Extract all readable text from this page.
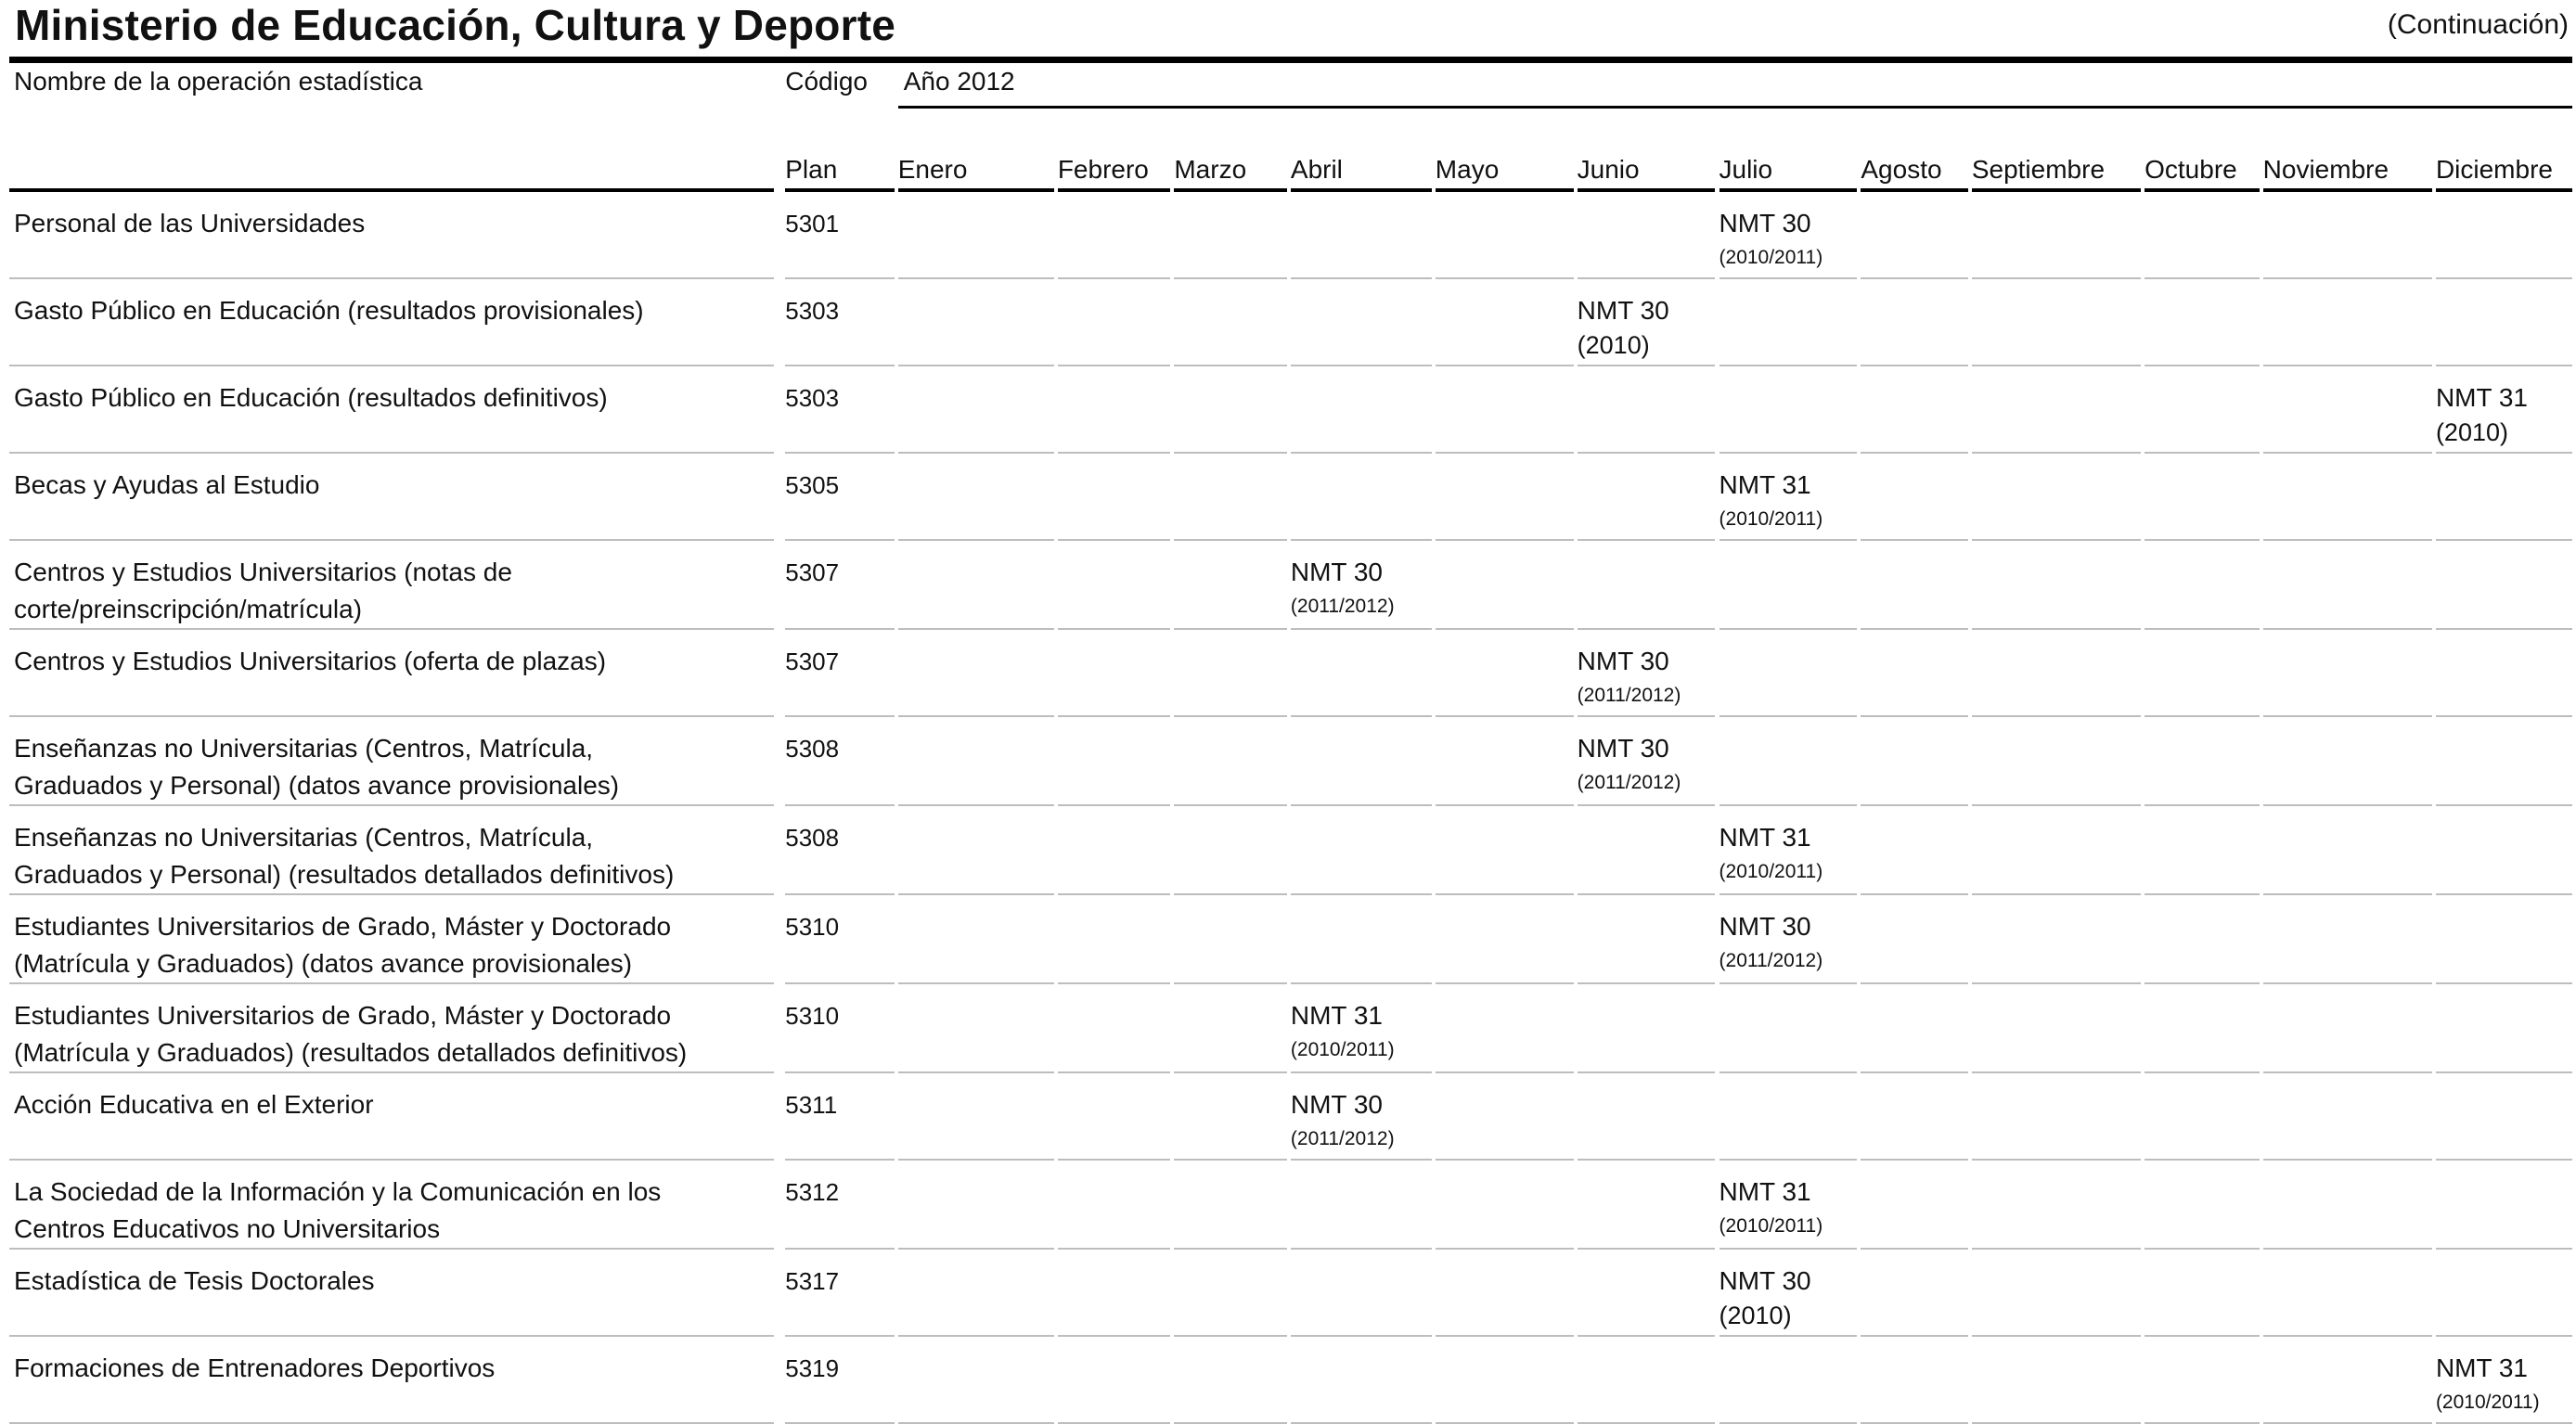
Ministerio de Educación, Cultura y Deporte	(Continuación)
Nombre de la operación estadística		Código		Año 2012																						
		Plan		Enero		Febrero		Marzo		Abril		Mayo		Junio		Julio		Agosto		Septiembre		Octubre		Noviembre		Diciembre

Personal de las Universidades		5301														NMT 30
(2010/2011)										

Gasto Público en Educación (resultados provisionales)		5303												NMT 30
(2010)												

Gasto Público en Educación (resultados definitivos)		5303																								NMT 31
(2010)

Becas y Ayudas al Estudio		5305														NMT 31
(2010/2011)										

Centros y Estudios Universitarios (notas de
corte/preinscripción/matrícula)		5307								NMT 30
(2011/2012)																

Centros y Estudios Universitarios (oferta de plazas)		5307												NMT 30
(2011/2012)												

Enseñanzas no Universitarias (Centros, Matrícula,
Graduados y Personal) (datos avance provisionales)		5308												NMT 30
(2011/2012)												

Enseñanzas no Universitarias (Centros, Matrícula,
Graduados y Personal) (resultados detallados definitivos)		5308														NMT 31
(2010/2011)										

Estudiantes Universitarios de Grado, Máster y Doctorado
(Matrícula y Graduados) (datos avance provisionales)		5310														NMT 30
(2011/2012)										

Estudiantes Universitarios de Grado, Máster y Doctorado
(Matrícula y Graduados) (resultados detallados definitivos)		5310								NMT 31
(2010/2011)																

Acción Educativa en el Exterior		5311								NMT 30
(2011/2012)																

La Sociedad de la Información y la Comunicación en los
Centros Educativos no Universitarios		5312														NMT 31
(2010/2011)										

Estadística de Tesis Doctorales		5317														NMT 30
(2010)										

Formaciones de Entrenadores Deportivos		5319																								NMT 31
(2010/2011)
